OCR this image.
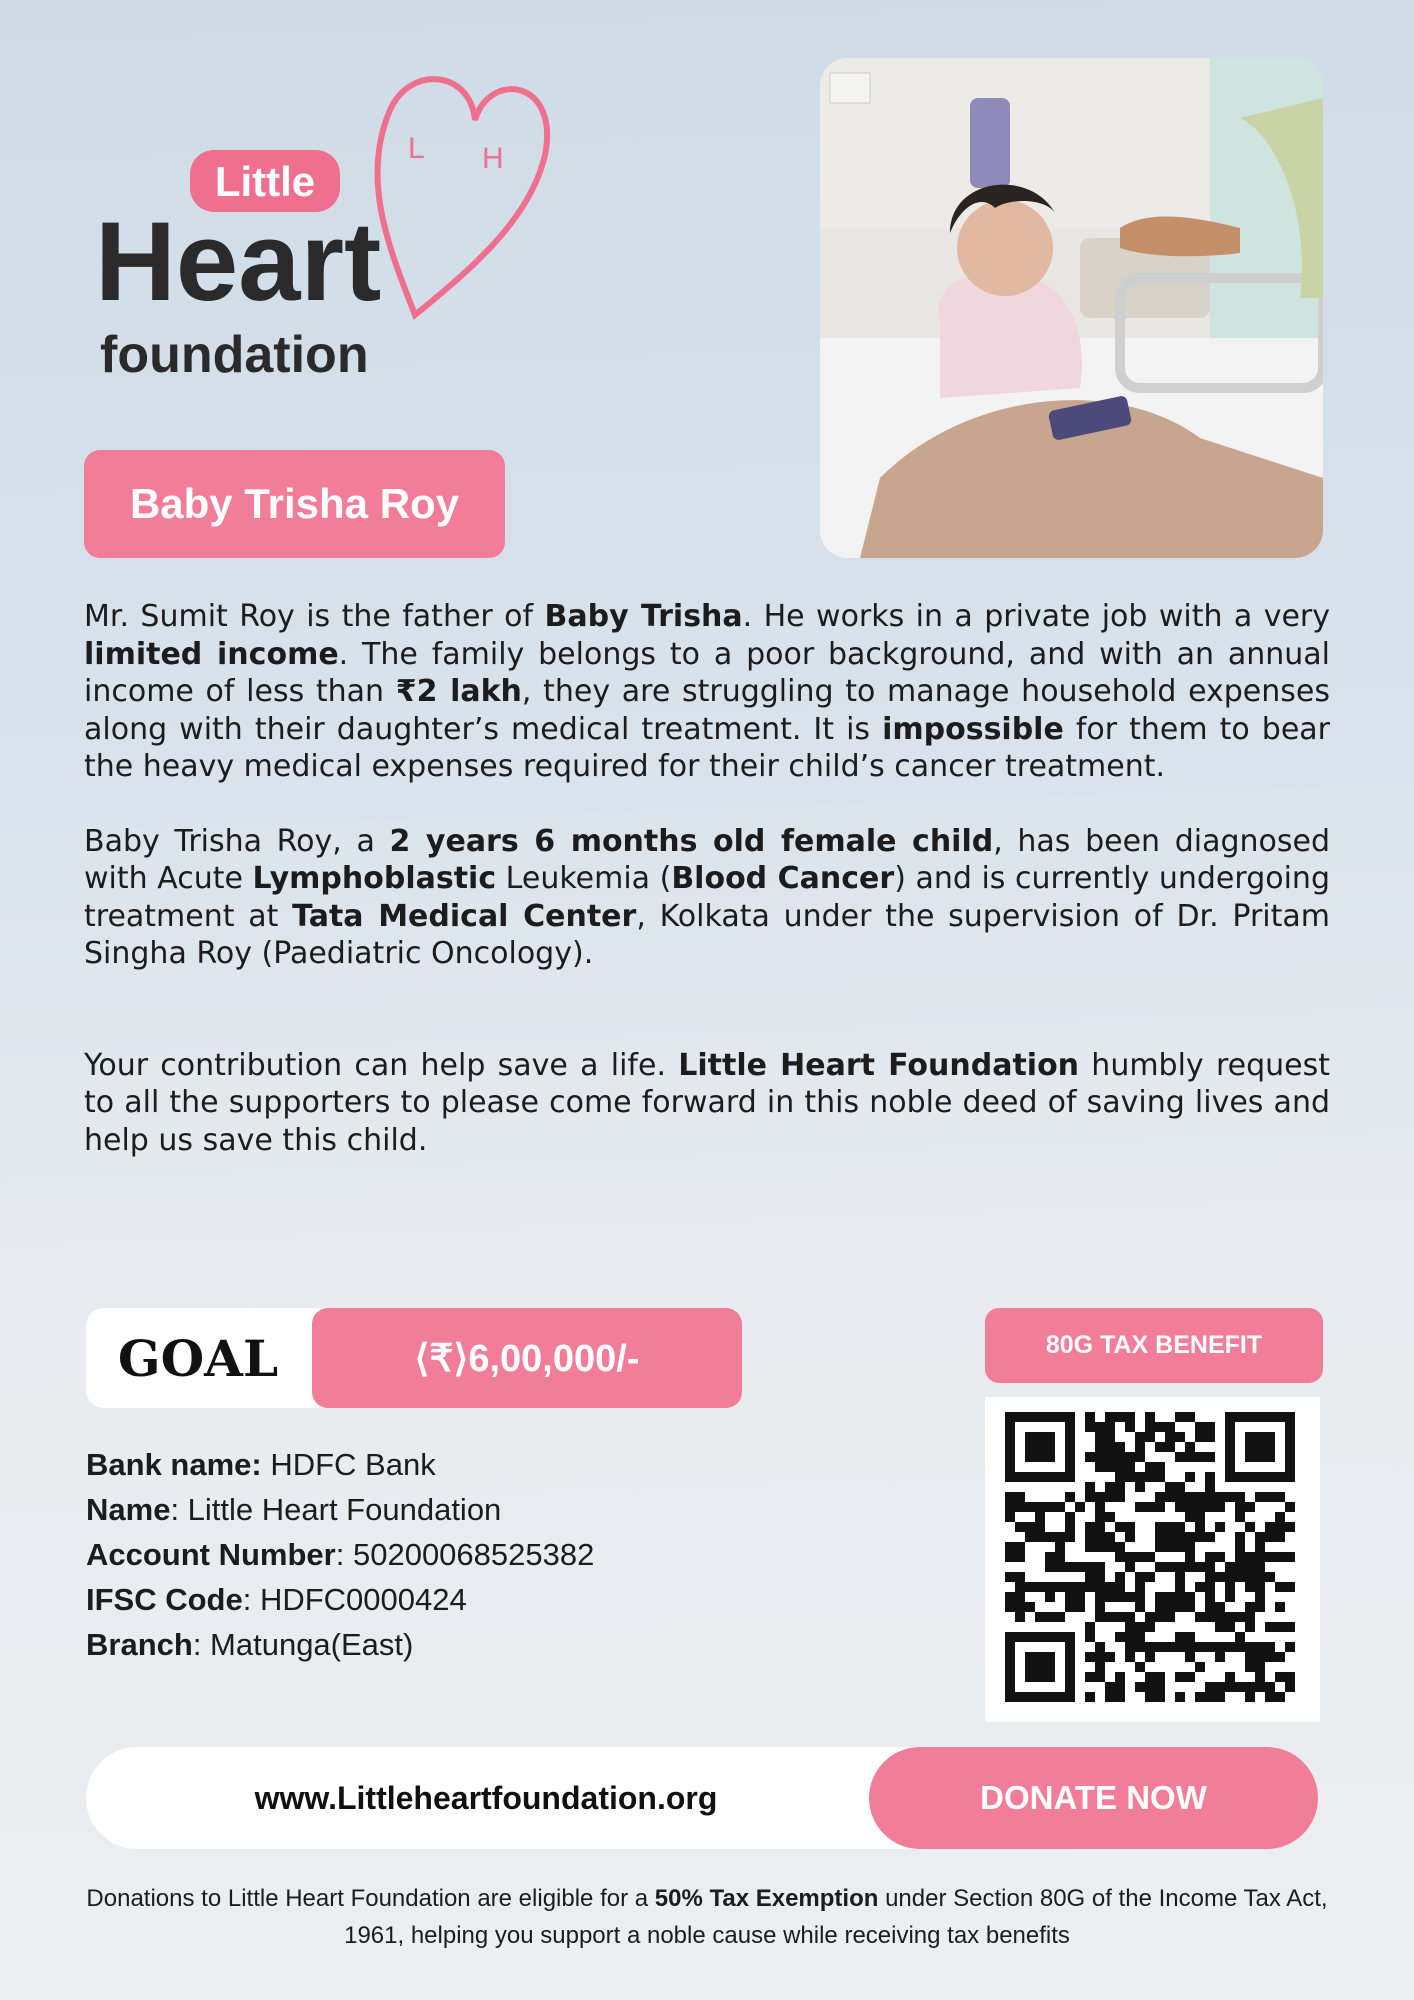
L H
Little
Heart
foundation
Baby Trisha Roy

Mr. Sumit Roy is the father of Baby Trisha. He works in a private job with a very limited income. The family belongs to a poor background, and with an annual income of less than ₹2 lakh, they are struggling to manage household expenses along with their daughter’s medical treatment. It is impossible for them to bear the heavy medical expenses required for their child’s cancer treatment.

Baby Trisha Roy, a 2 years 6 months old female child, has been diagnosed with Acute Lymphoblastic Leukemia (Blood Cancer) and is currently undergoing treatment at Tata Medical Center, Kolkata under the supervision of Dr. Pritam Singha Roy (Paediatric Oncology).

Your contribution can help save a life. Little Heart Foundation humbly request to all the supporters to please come forward in this noble deed of saving lives and help us save this child.

GOAL	⟨₹⟩6,00,000/-
Bank name: HDFC Bank
Name: Little Heart Foundation
Account Number: 50200068525382
IFSC Code: HDFC0000424
Branch: Matunga(East)
80G TAX BENEFIT
www.Littleheartfoundation.org	DONATE NOW
Donations to Little Heart Foundation are eligible for a 50% Tax Exemption under Section 80G of the Income Tax Act, 1961, helping you support a noble cause while receiving tax benefits
